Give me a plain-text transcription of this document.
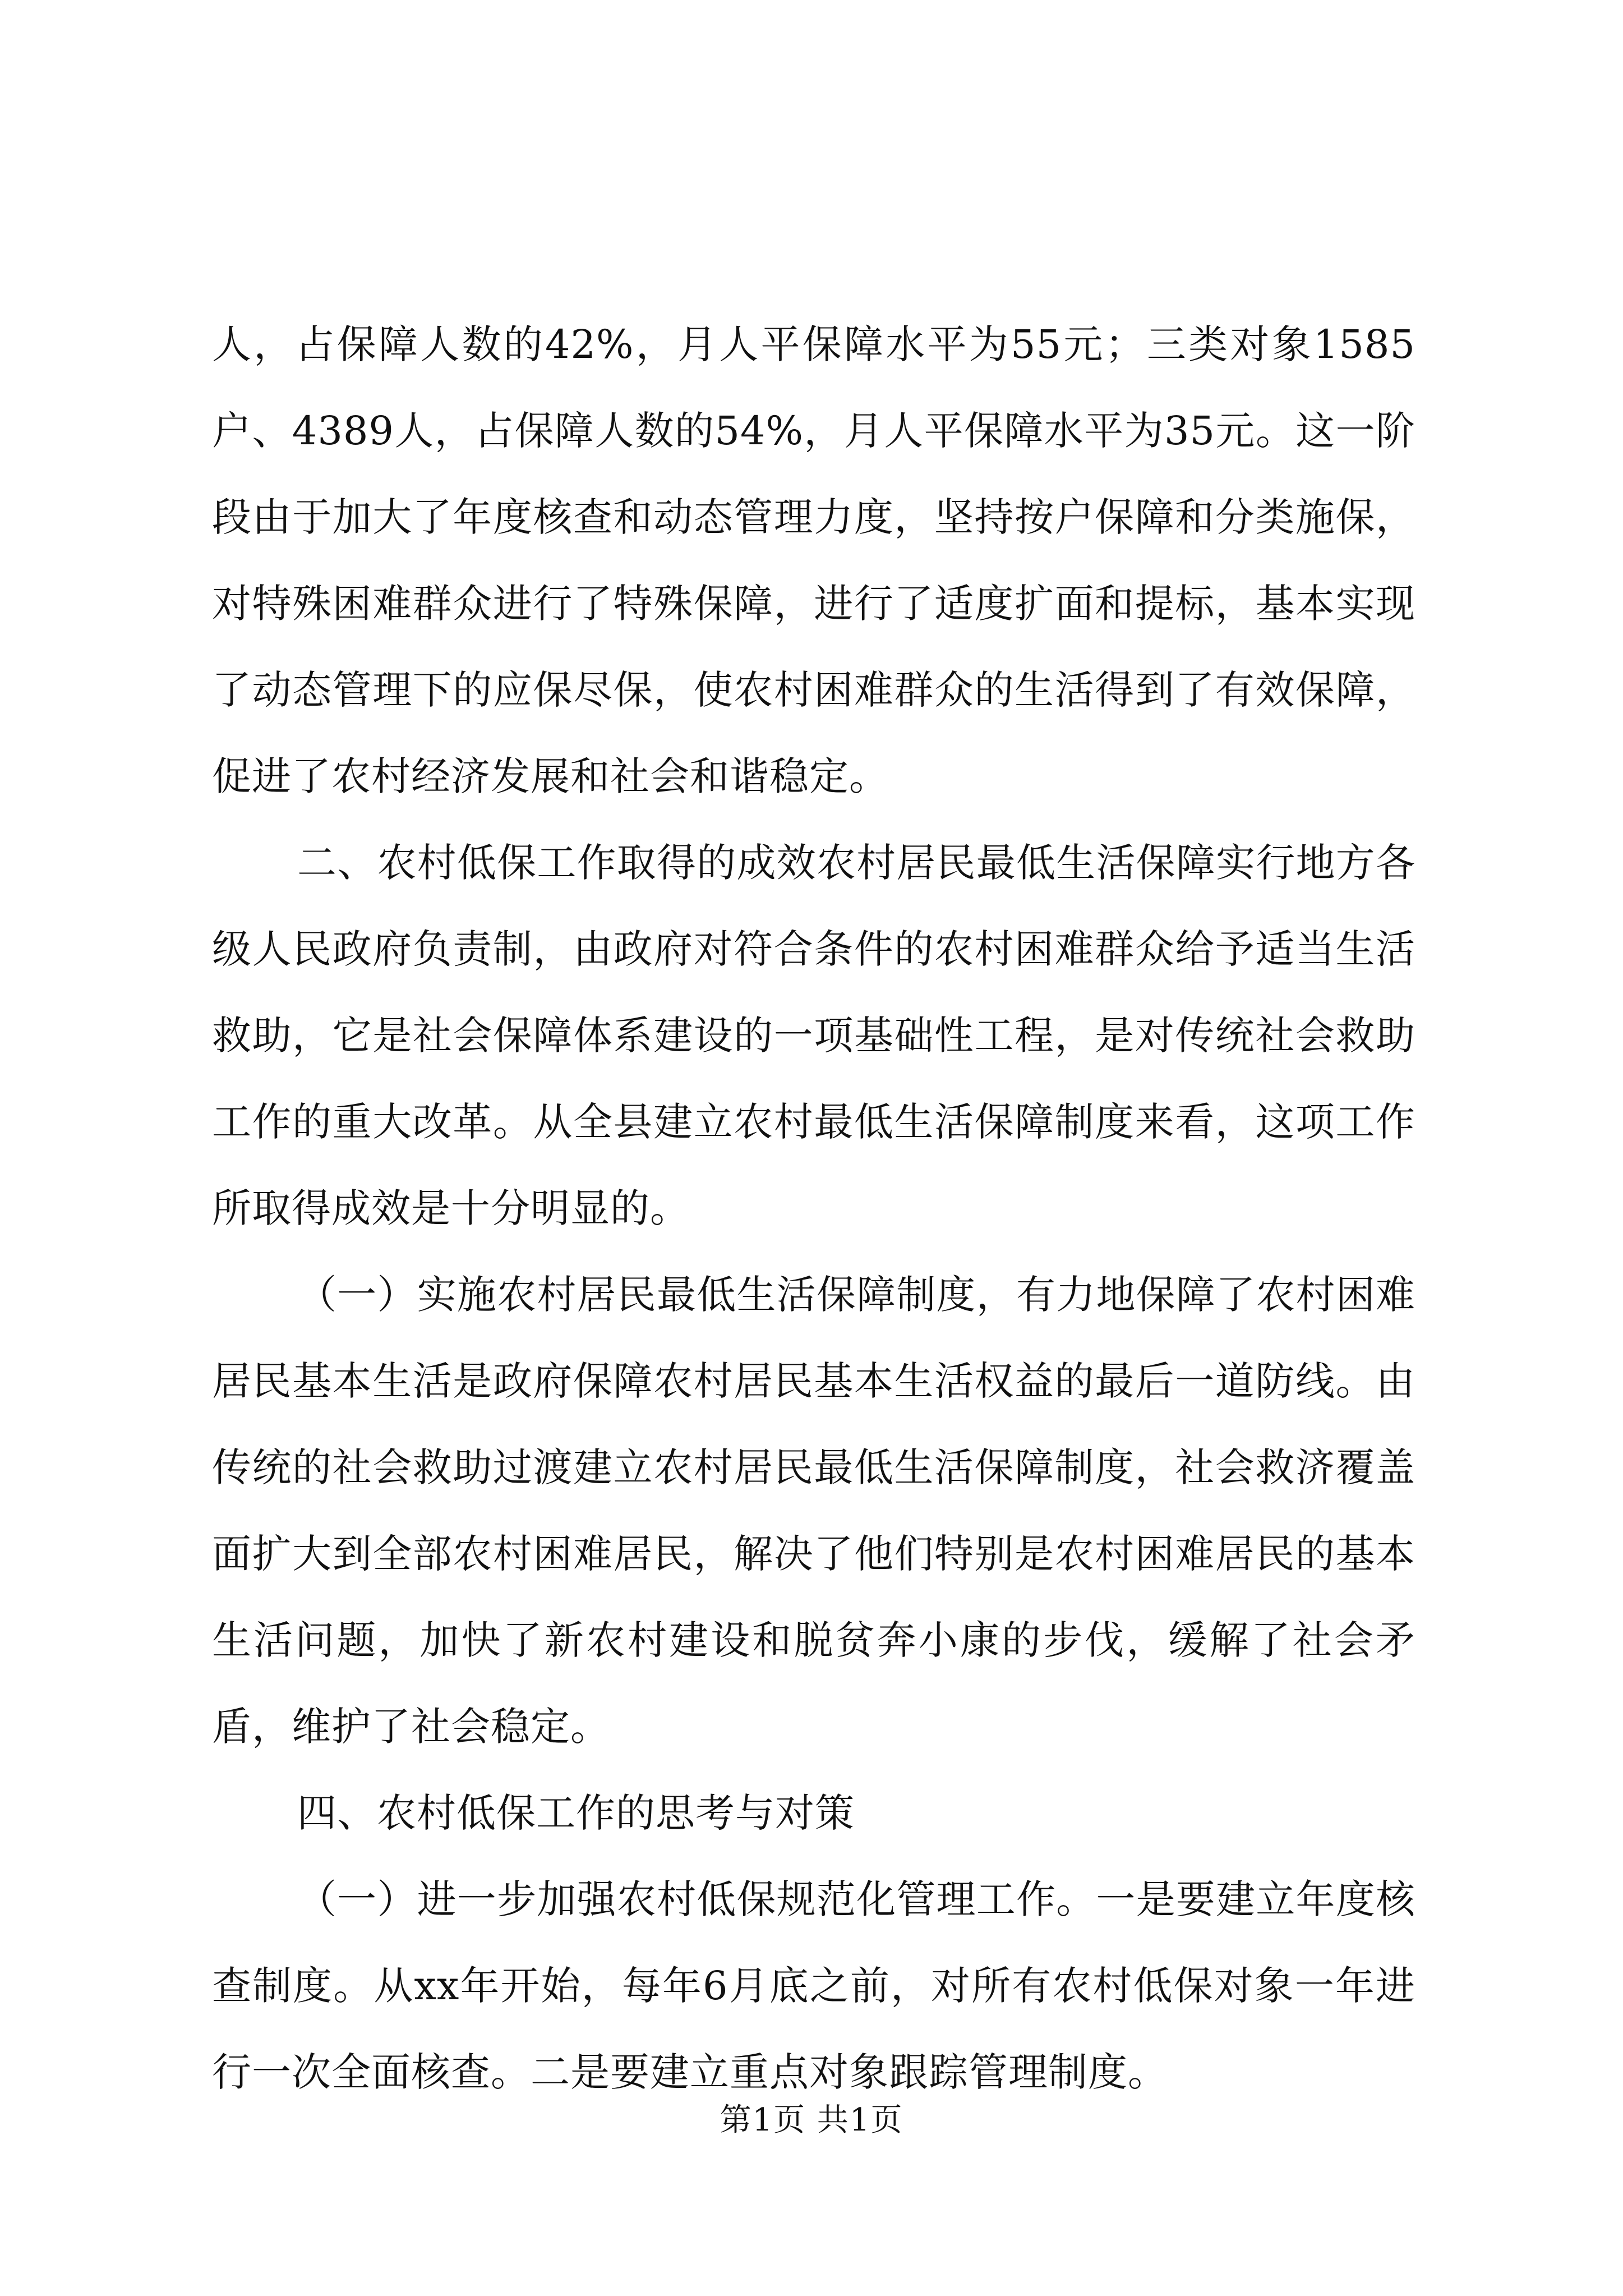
人，占保障人数的42%，月人平保障水平为55元；三类对象1585户、4389人，占保障人数的54%，月人平保障水平为35元。这一阶段由于加大了年度核查和动态管理力度，坚持按户保障和分类施保，对特殊困难群众进行了特殊保障，进行了适度扩面和提标，基本实现了动态管理下的应保尽保，使农村困难群众的生活得到了有效保障，促进了农村经济发展和社会和谐稳定。

二、农村低保工作取得的成效农村居民最低生活保障实行地方各级人民政府负责制，由政府对符合条件的农村困难群众给予适当生活救助，它是社会保障体系建设的一项基础性工程，是对传统社会救助工作的重大改革。从全县建立农村最低生活保障制度来看，这项工作所取得成效是十分明显的。

（一）实施农村居民最低生活保障制度，有力地保障了农村困难居民基本生活是政府保障农村居民基本生活权益的最后一道防线。由传统的社会救助过渡建立农村居民最低生活保障制度，社会救济覆盖面扩大到全部农村困难居民，解决了他们特别是农村困难居民的基本生活问题，加快了新农村建设和脱贫奔小康的步伐，缓解了社会矛盾，维护了社会稳定。

四、农村低保工作的思考与对策

（一）进一步加强农村低保规范化管理工作。一是要建立年度核查制度。从xx年开始，每年6月底之前，对所有农村低保对象一年进行一次全面核查。二是要建立重点对象跟踪管理制度。

第1页 共1页
